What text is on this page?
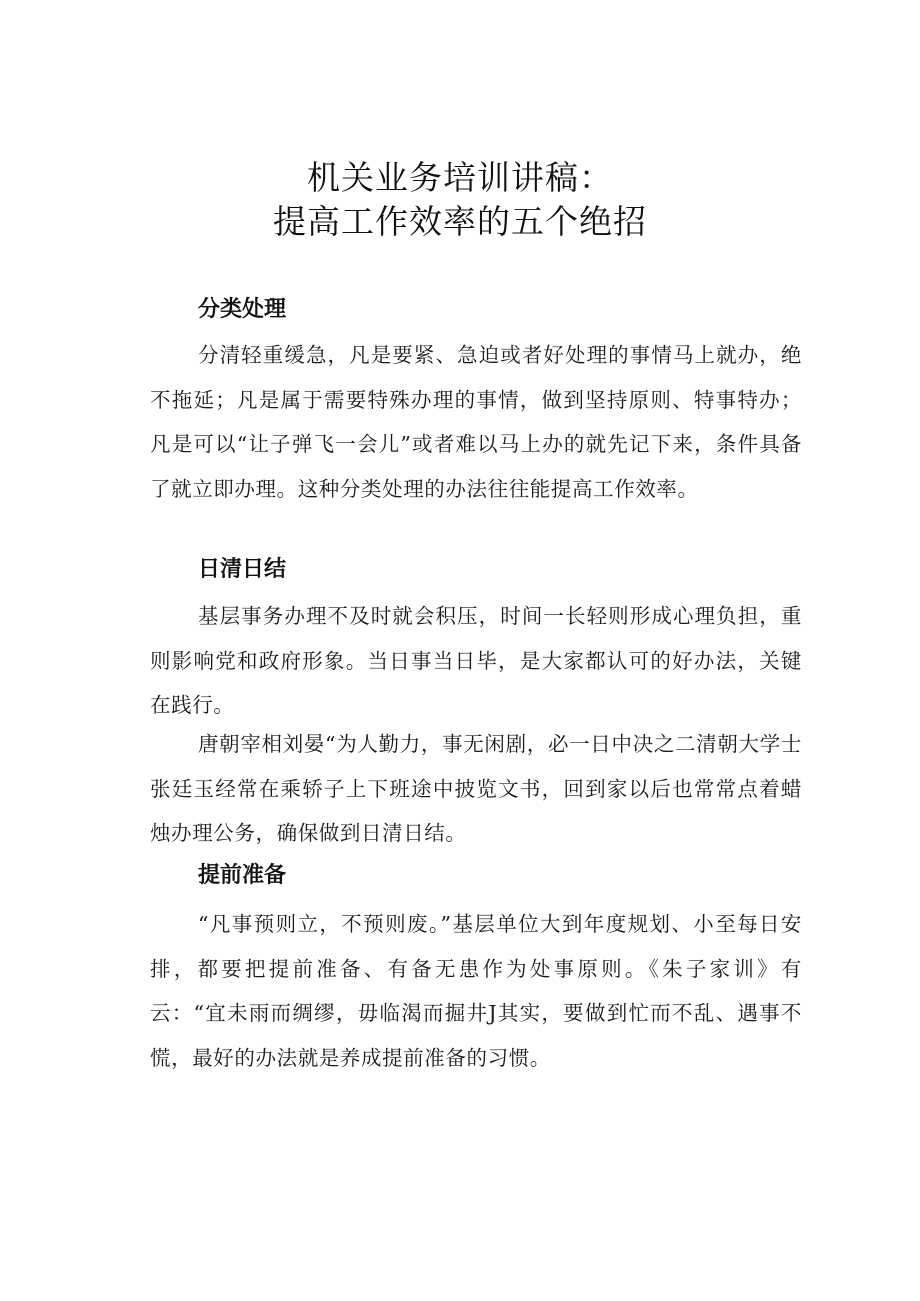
机关业务培训讲稿：
提高工作效率的五个绝招
分类处理

分清轻重缓急，凡是要紧、急迫或者好处理的事情马上就办，绝不拖延；凡是属于需要特殊办理的事情，做到坚持原则、特事特办；凡是可以“让子弹飞一会儿”或者难以马上办的就先记下来，条件具备了就立即办理。这种分类处理的办法往往能提高工作效率。

日清日结

基层事务办理不及时就会积压，时间一长轻则形成心理负担，重则影响党和政府形象。当日事当日毕，是大家都认可的好办法，关键在践行。

唐朝宰相刘晏“为人勤力，事无闲剧，必一日中决之二清朝大学士张廷玉经常在乘轿子上下班途中披览文书，回到家以后也常常点着蜡烛办理公务，确保做到日清日结。

提前准备

“凡事预则立，不预则废。”基层单位大到年度规划、小至每日安排，都要把提前准备、有备无患作为处事原则。《朱子家训》有云：“宜未雨而绸缪，毋临渴而掘井J其实，要做到忙而不乱、遇事不慌，最好的办法就是养成提前准备的习惯。
